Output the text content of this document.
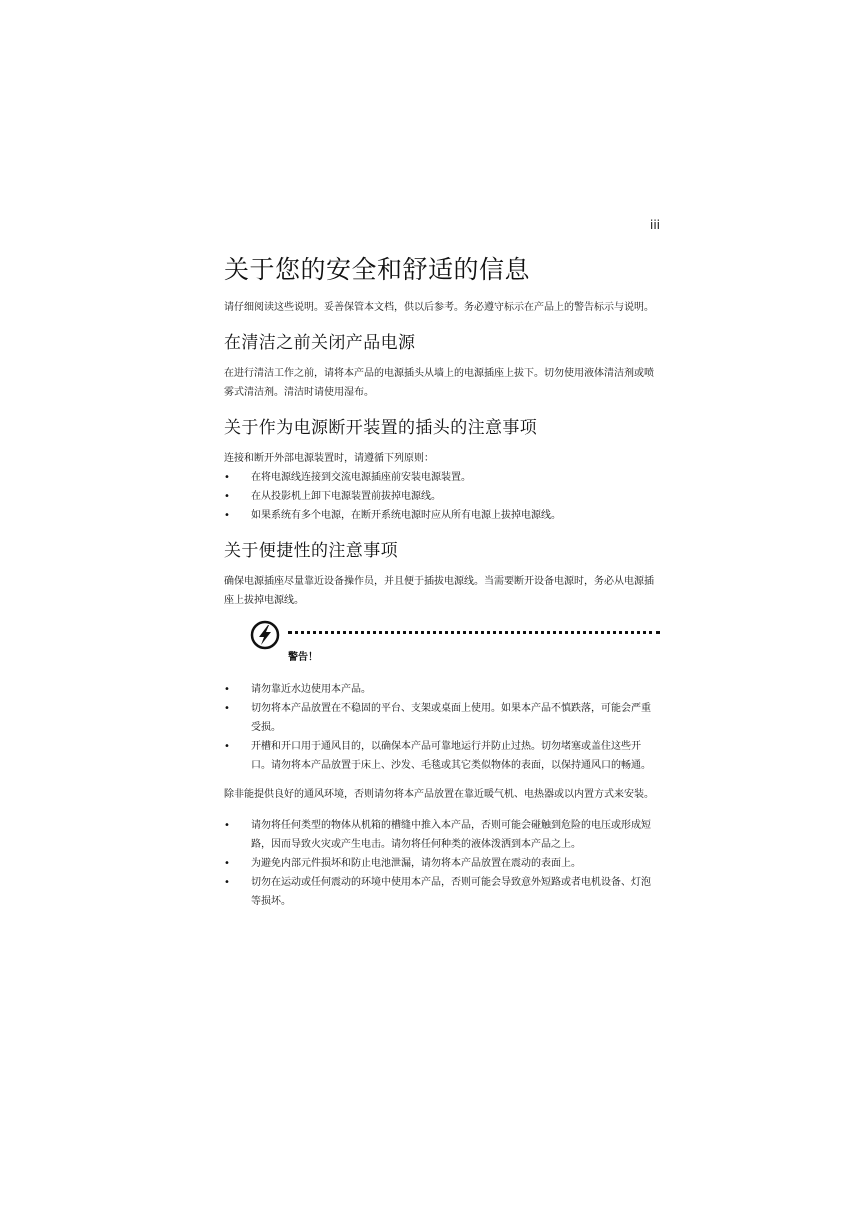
iii
关于您的安全和舒适的信息

请仔细阅读这些说明。妥善保管本文档，供以后参考。务必遵守标示在产品上的警告标示与说明。

在清洁之前关闭产品电源

在进行清洁工作之前，请将本产品的电源插头从墙上的电源插座上拔下。切勿使用液体清洁剂或喷雾式清洁剂。清洁时请使用湿布。

关于作为电源断开装置的插头的注意事项

连接和断开外部电源装置时，请遵循下列原则：

• 在将电源线连接到交流电源插座前安装电源装置。
• 在从投影机上卸下电源装置前拔掉电源线。
• 如果系统有多个电源，在断开系统电源时应从所有电源上拔掉电源线。
关于便捷性的注意事项

确保电源插座尽量靠近设备操作员，并且便于插拔电源线。当需要断开设备电源时，务必从电源插座上拔掉电源线。

警告！
• 请勿靠近水边使用本产品。
• 切勿将本产品放置在不稳固的平台、支架或桌面上使用。如果本产品不慎跌落，可能会严重受损。
• 开槽和开口用于通风目的，以确保本产品可靠地运行并防止过热。切勿堵塞或盖住这些开口。请勿将本产品放置于床上、沙发、毛毯或其它类似物体的表面，以保持通风口的畅通。

除非能提供良好的通风环境，否则请勿将本产品放置在靠近暖气机、电热器或以内置方式来安装。

• 请勿将任何类型的物体从机箱的槽缝中推入本产品，否则可能会碰触到危险的电压或形成短路，因而导致火灾或产生电击。请勿将任何种类的液体泼洒到本产品之上。
• 为避免内部元件损坏和防止电池泄漏，请勿将本产品放置在震动的表面上。
• 切勿在运动或任何震动的环境中使用本产品，否则可能会导致意外短路或者电机设备、灯泡等损坏。
